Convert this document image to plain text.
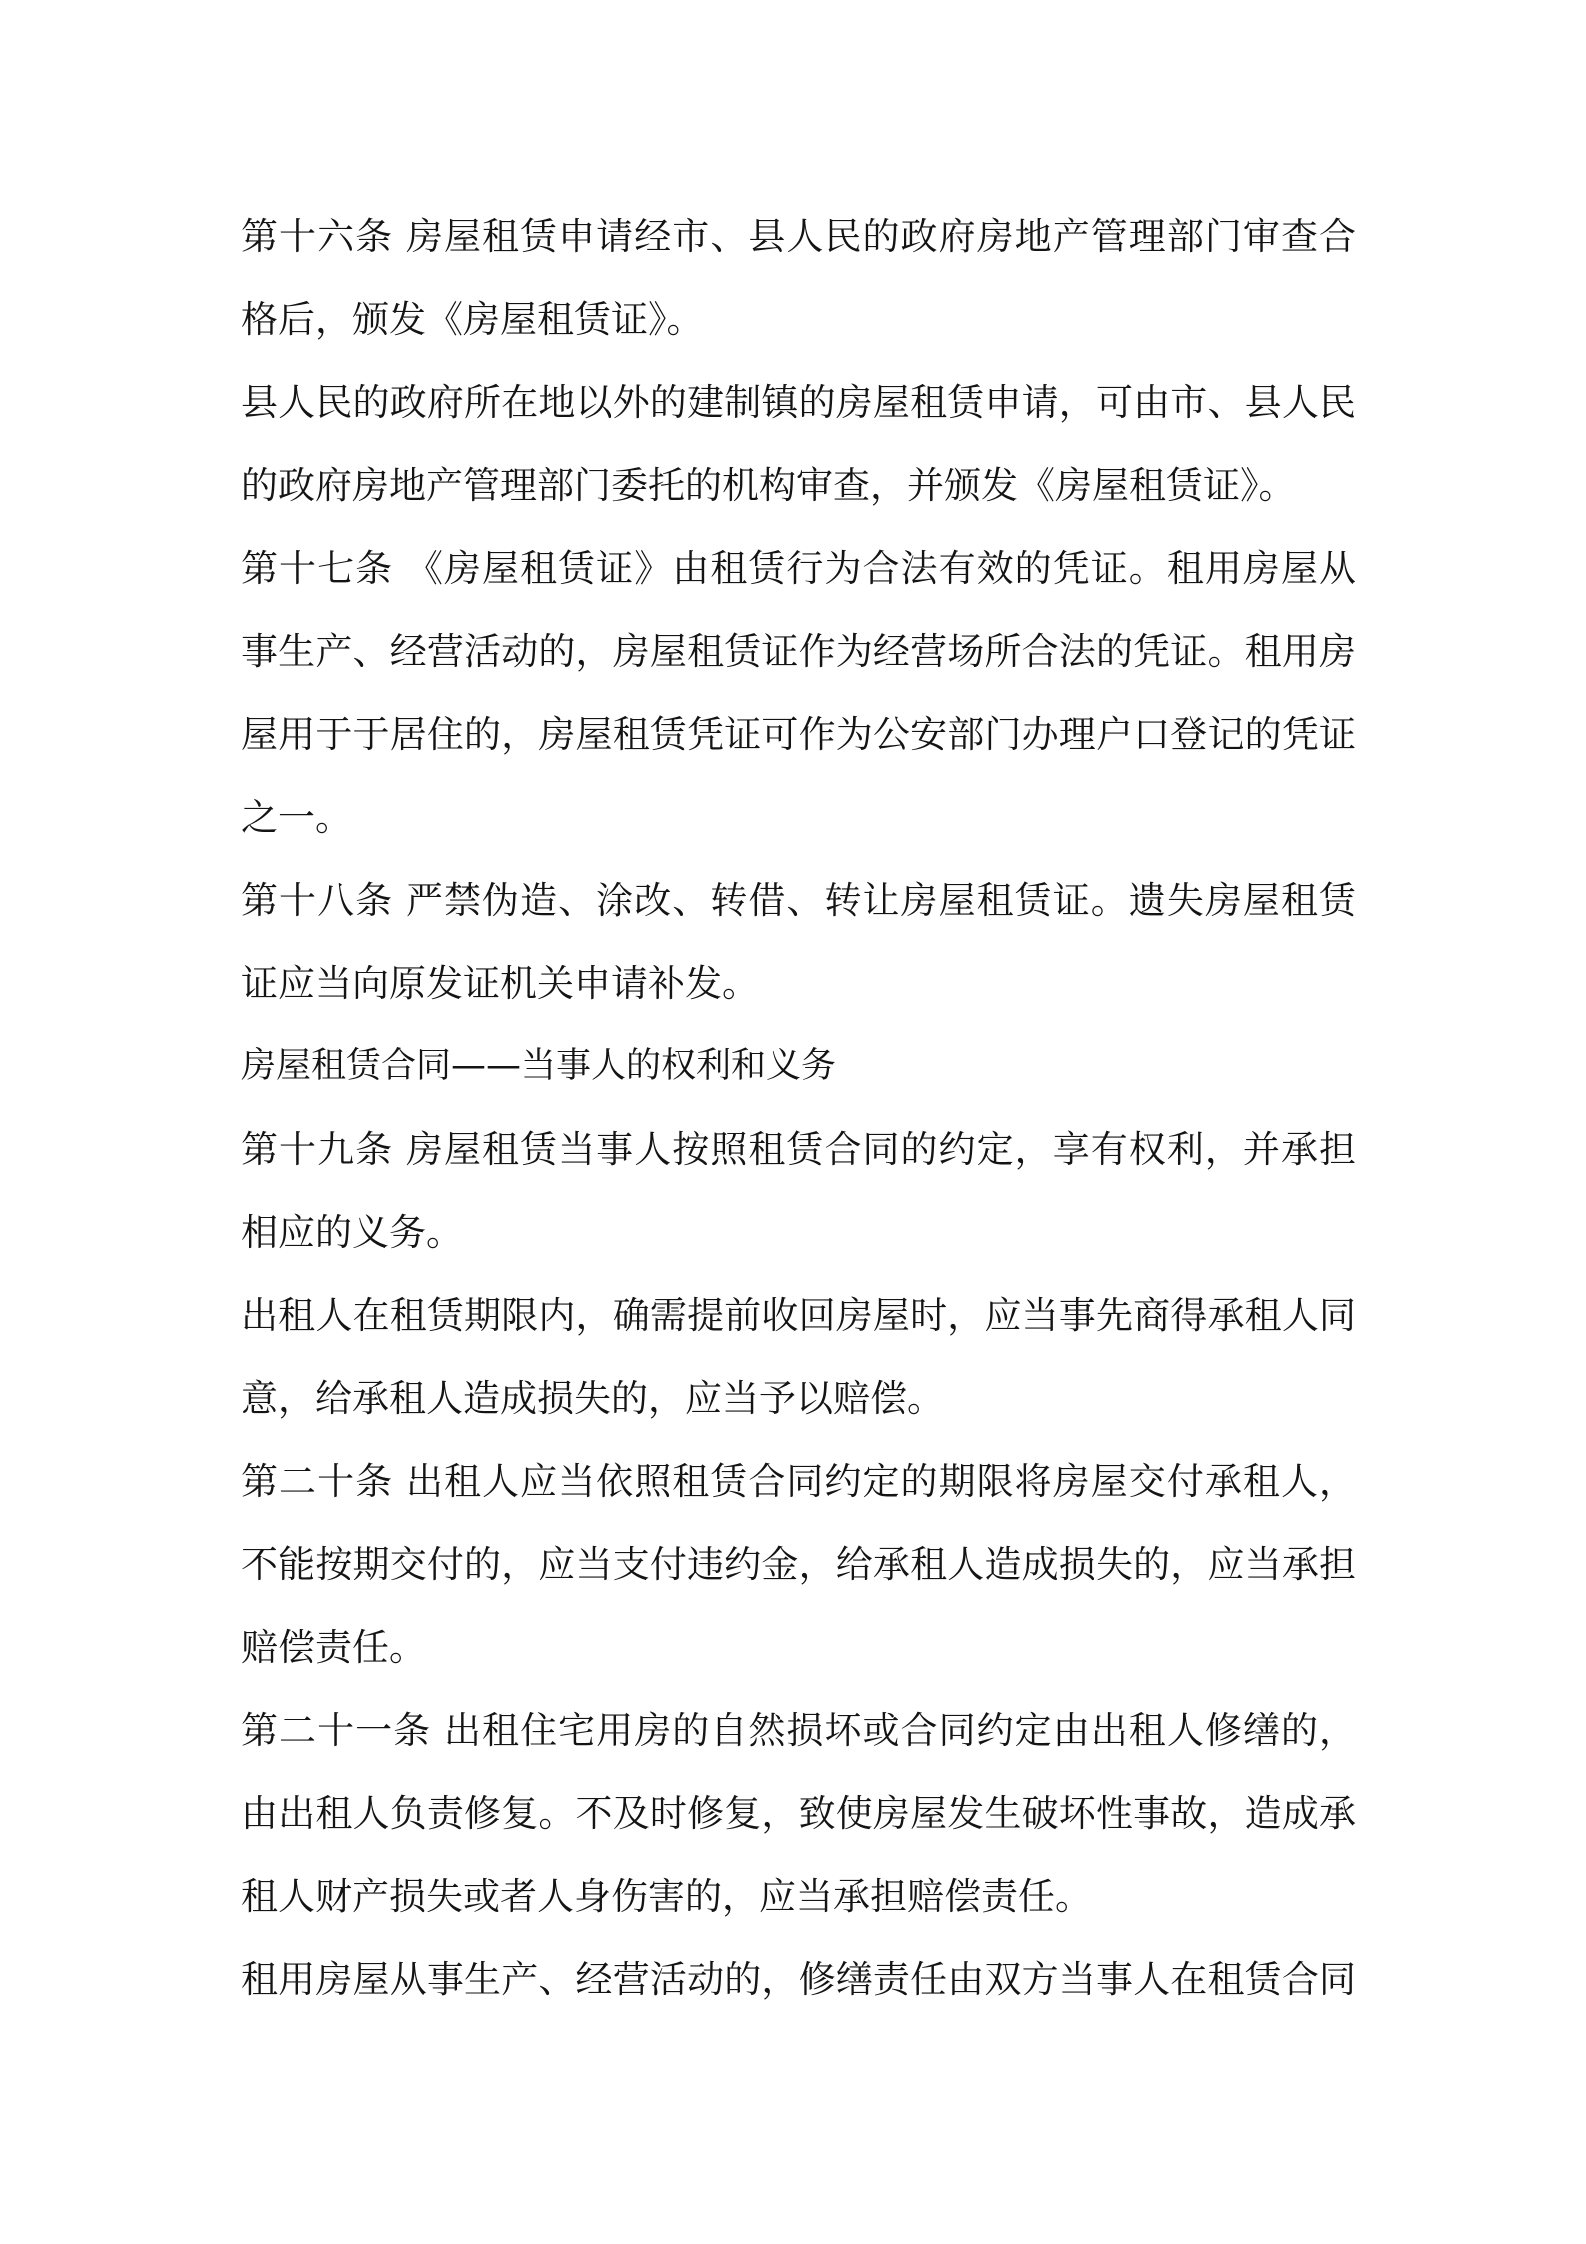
第十六条 房屋租赁申请经市、县人民的政府房地产管理部门审查合
格后，颁发《房屋租赁证》。
县人民的政府所在地以外的建制镇的房屋租赁申请，可由市、县人民
的政府房地产管理部门委托的机构审查，并颁发《房屋租赁证》。
第十七条 《房屋租赁证》由租赁行为合法有效的凭证。租用房屋从
事生产、经营活动的，房屋租赁证作为经营场所合法的凭证。租用房
屋用于于居住的，房屋租赁凭证可作为公安部门办理户口登记的凭证
之一。
第十八条 严禁伪造、涂改、转借、转让房屋租赁证。遗失房屋租赁
证应当向原发证机关申请补发。
房屋租赁合同——当事人的权利和义务
第十九条 房屋租赁当事人按照租赁合同的约定，享有权利，并承担
相应的义务。
出租人在租赁期限内，确需提前收回房屋时，应当事先商得承租人同
意，给承租人造成损失的，应当予以赔偿。
第二十条 出租人应当依照租赁合同约定的期限将房屋交付承租人，
不能按期交付的，应当支付违约金，给承租人造成损失的，应当承担
赔偿责任。
第二十一条 出租住宅用房的自然损坏或合同约定由出租人修缮的，
由出租人负责修复。不及时修复，致使房屋发生破坏性事故，造成承
租人财产损失或者人身伤害的，应当承担赔偿责任。
租用房屋从事生产、经营活动的，修缮责任由双方当事人在租赁合同
